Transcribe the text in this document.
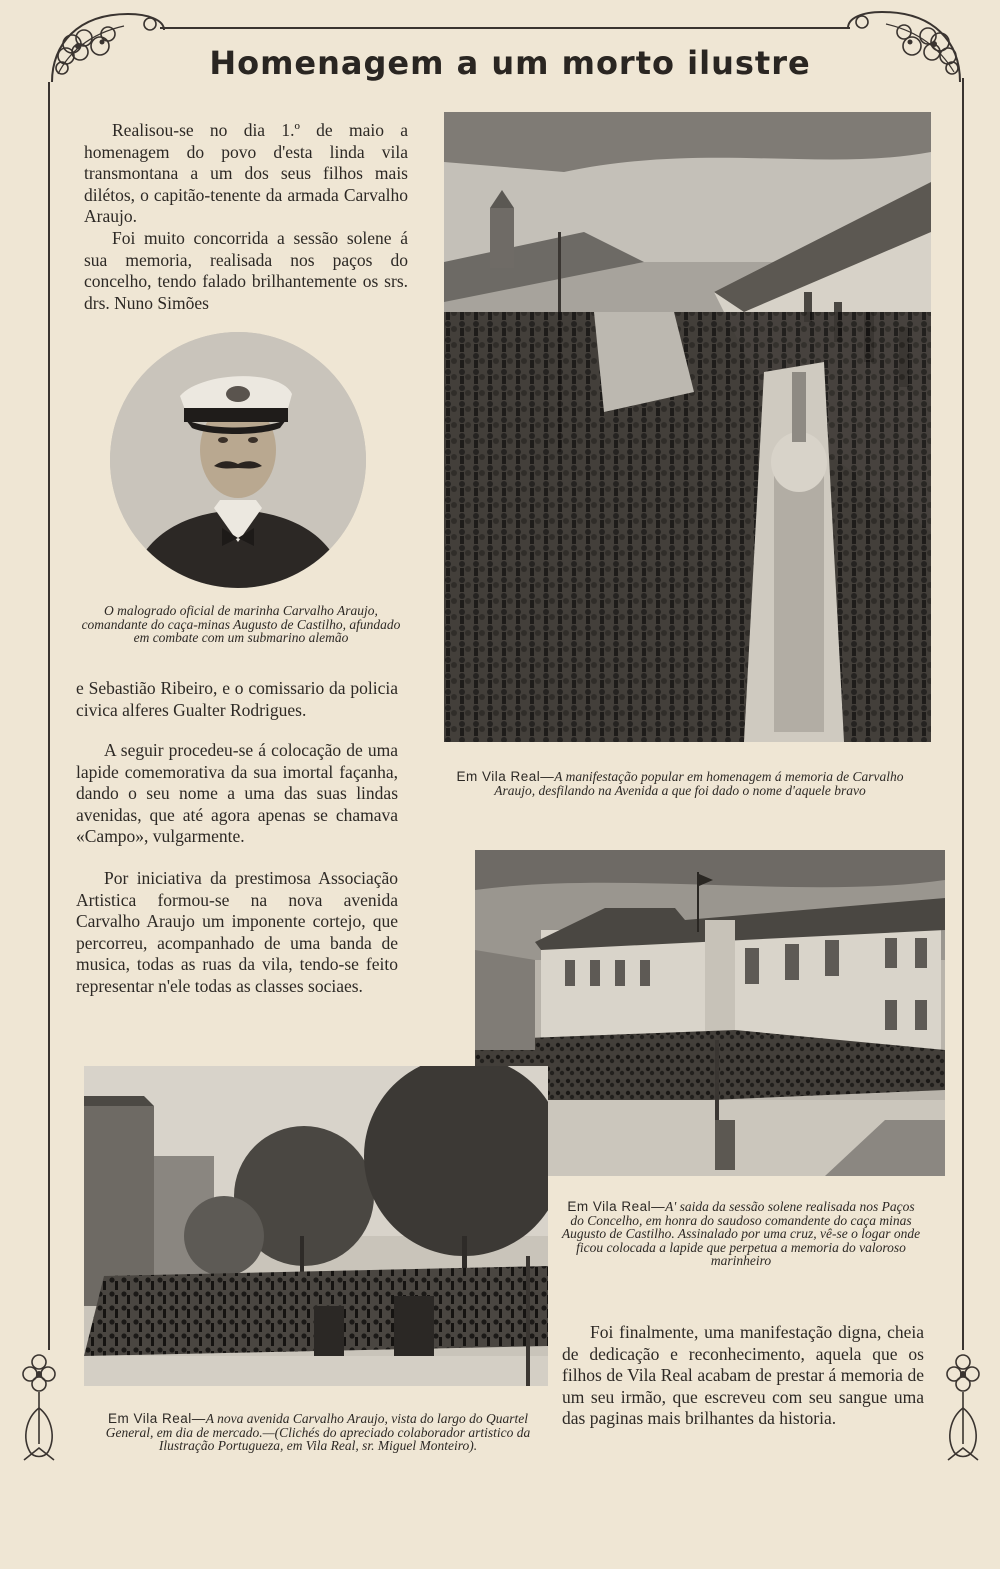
Homenagem a um morto ilustre

Realisou-se no dia 1.º de maio a homenagem do povo d'esta linda vila transmontana a um dos seus filhos mais dilétos, o capitão-tenente da armada Carvalho Araujo.

Foi muito concorrida a sessão solene á sua memoria, realisada nos paços do concelho, tendo falado brilhantemente os srs. drs. Nuno Simões

O malogrado oficial de marinha Carvalho Araujo, comandante do caça-minas Augusto de Castilho, afundado em combate com um submarino alemão

e Sebastião Ribeiro, e o comissario da policia civica alferes Gualter Rodrigues.

A seguir procedeu-se á colocação de uma lapide comemorativa da sua imortal façanha, dando o seu nome a uma das suas lindas avenidas, que até agora apenas se chamava «Campo», vulgarmente.

Por iniciativa da prestimosa Associação Artistica formou-se na nova avenida Carvalho Araujo um imponente cortejo, que percorreu, acompanhado de uma banda de musica, todas as ruas da vila, tendo-se feito representar n'ele todas as classes sociaes.

Em Vila Real—A manifestação popular em homenagem á memoria de Carvalho Araujo, desfilando na Avenida a que foi dado o nome d'aquele bravo

Em Vila Real—A' saida da sessão solene realisada nos Paços do Concelho, em honra do saudoso comandente do caça minas Augusto de Castilho. Assinalado por uma cruz, vê-se o logar onde ficou colocada a lapide que perpetua a memoria do valoroso marinheiro

Em Vila Real—A nova avenida Carvalho Araujo, vista do largo do Quartel General, em dia de mercado.—(Clichés do apreciado colaborador artistico da Ilustração Portugueza, em Vila Real, sr. Miguel Monteiro).

Foi finalmente, uma manifestação digna, cheia de dedicação e reconhecimento, aquela que os filhos de Vila Real acabam de prestar á memoria de um seu irmão, que escreveu com seu sangue uma das paginas mais brilhantes da historia.
